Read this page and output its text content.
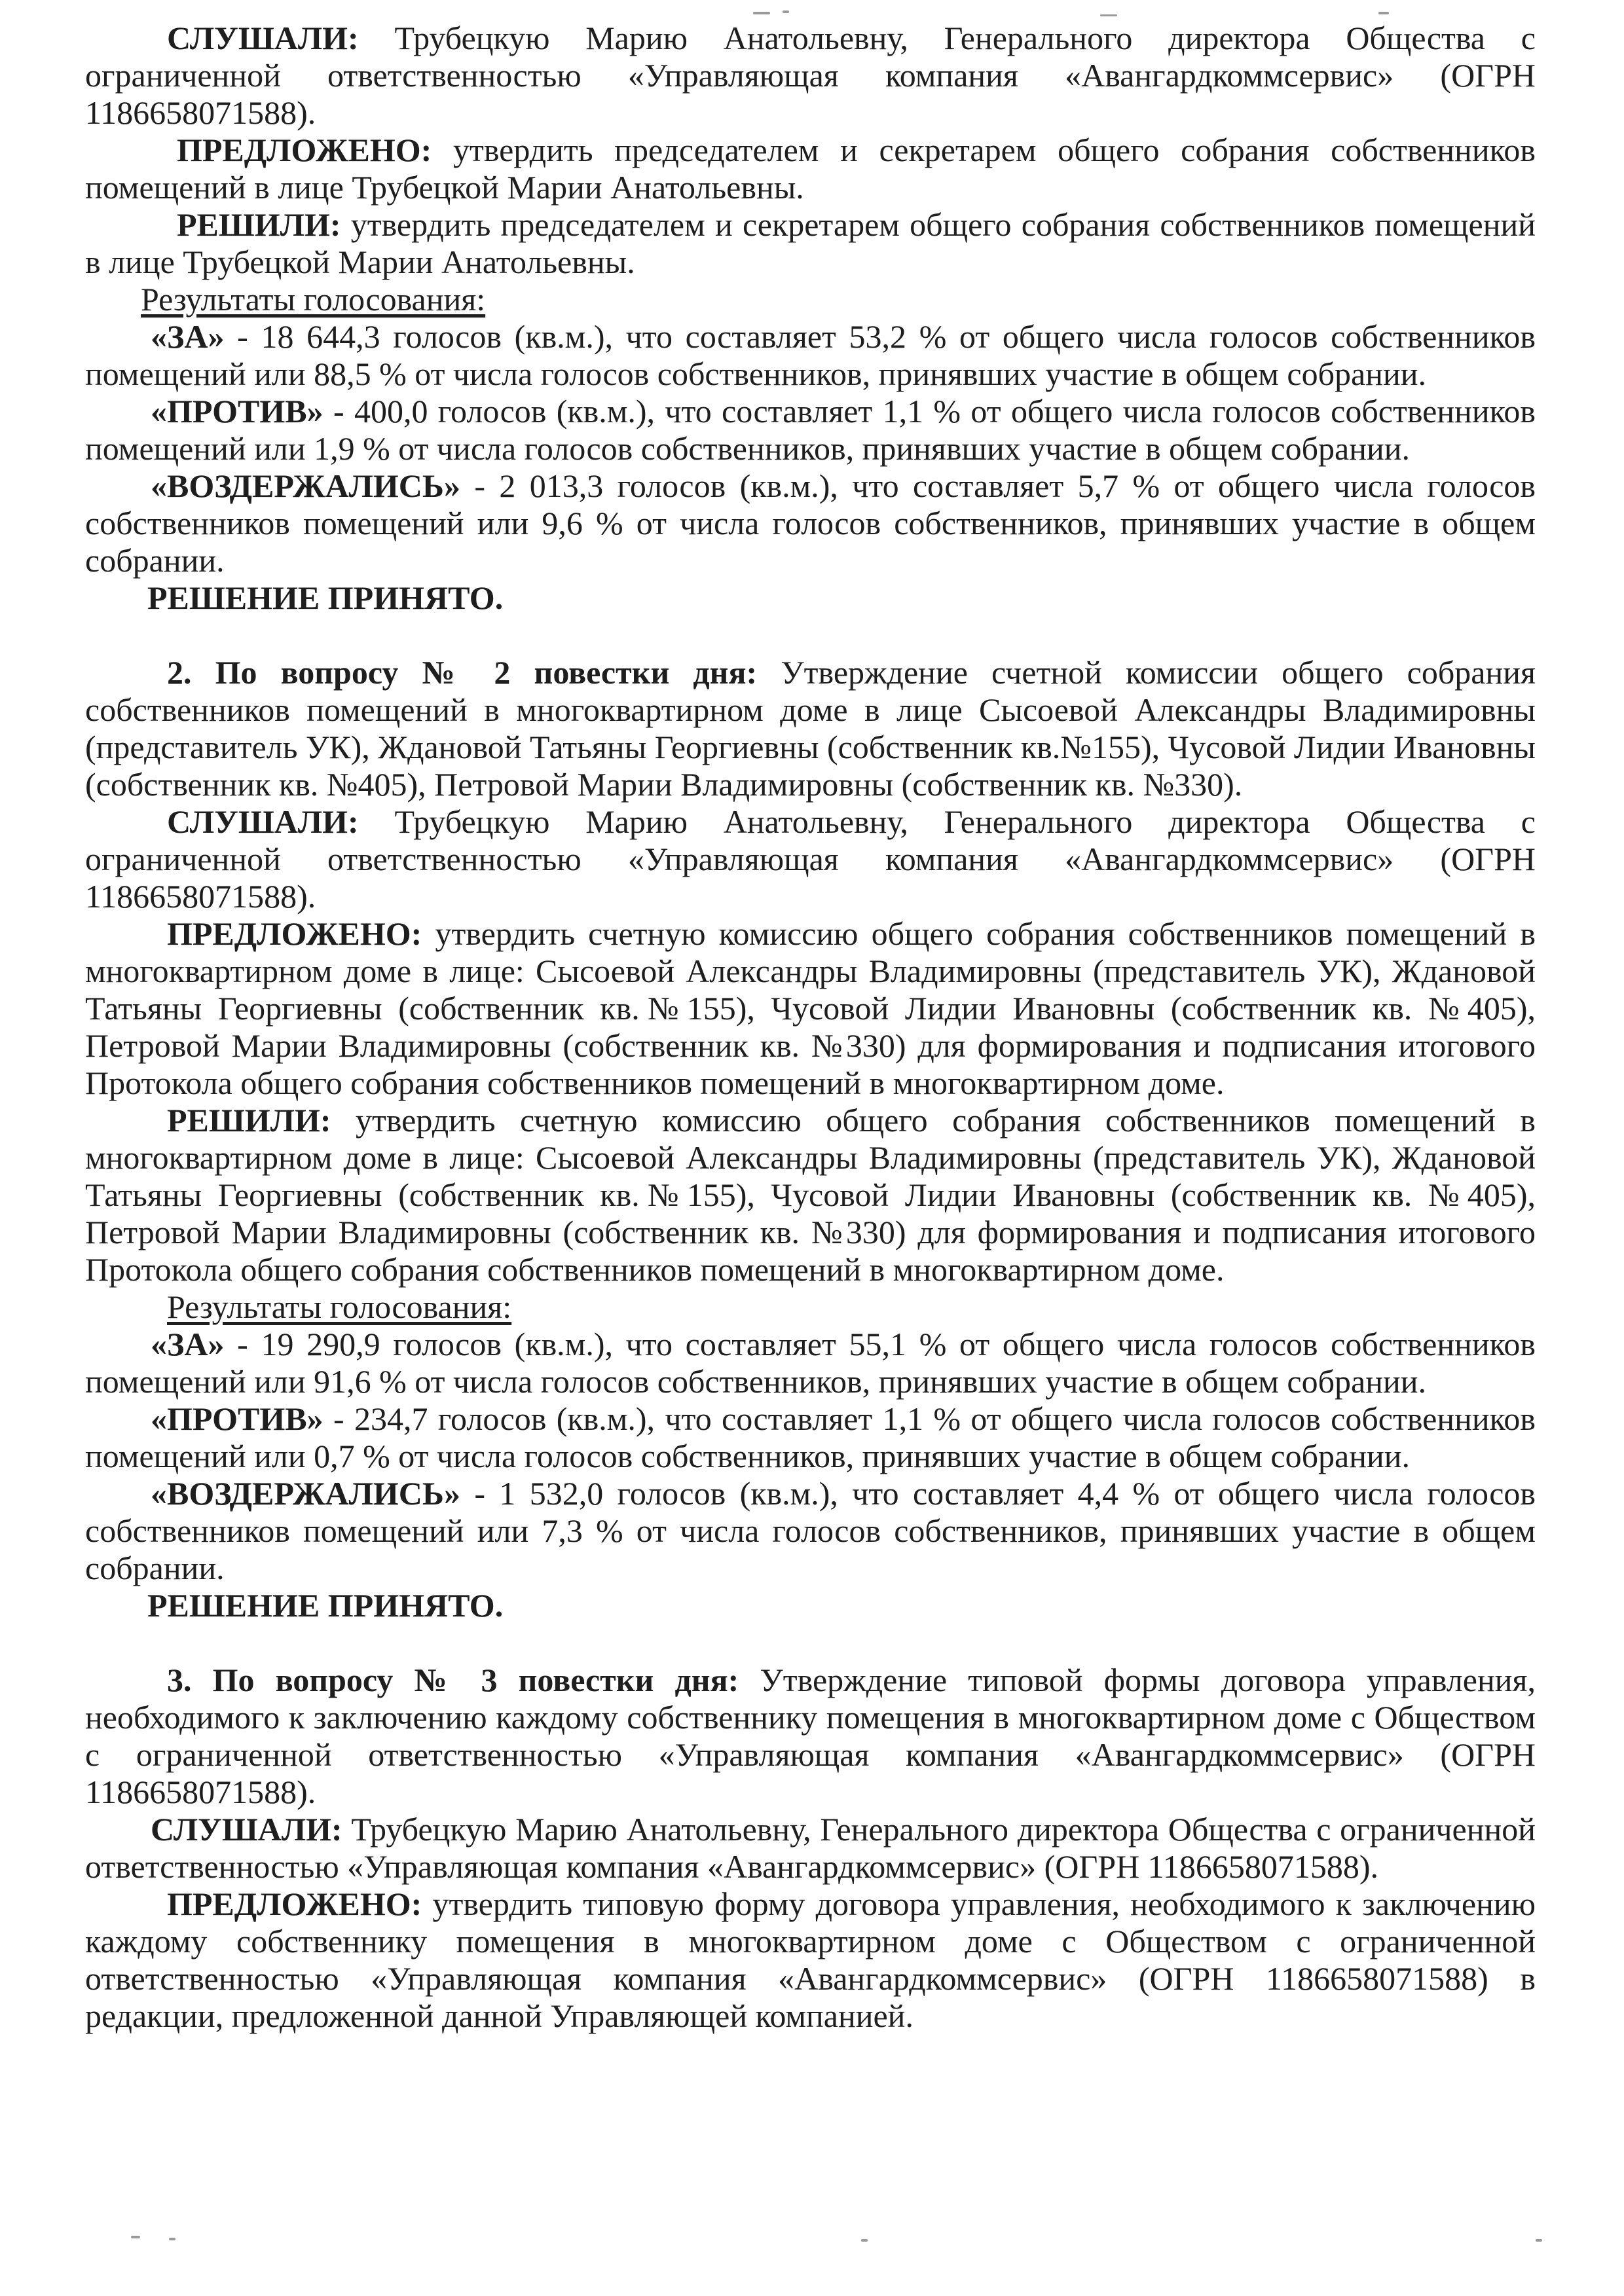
СЛУШАЛИ: Трубецкую Марию Анатольевну, Генерального директора Общества с ограниченной ответственностью «Управляющая компания «Авангардкоммсервис» (ОГРН 1186658071588).

ПРЕДЛОЖЕНО: утвердить председателем и секретарем общего собрания собственников помещений в лице Трубецкой Марии Анатольевны.

РЕШИЛИ: утвердить председателем и секретарем общего собрания собственников помещений в лице Трубецкой Марии Анатольевны.

Результаты голосования:

«ЗА» - 18 644,3 голосов (кв.м.), что составляет 53,2 % от общего числа голосов собственников помещений или 88,5 % от числа голосов собственников, принявших участие в общем собрании.

«ПРОТИВ» - 400,0 голосов (кв.м.), что составляет 1,1 % от общего числа голосов собственников помещений или 1,9 % от числа голосов собственников, принявших участие в общем собрании.

«ВОЗДЕРЖАЛИСЬ» - 2 013,3 голосов (кв.м.), что составляет 5,7 % от общего числа голосов собственников помещений или 9,6 % от числа голосов собственников, принявших участие в общем собрании.

РЕШЕНИЕ ПРИНЯТО.

2. По вопросу № 2 повестки дня: Утверждение счетной комиссии общего собрания собственников помещений в многоквартирном доме в лице Сысоевой Александры Владимировны (представитель УК), Ждановой Татьяны Георгиевны (собственник кв.№155), Чусовой Лидии Ивановны (собственник кв. №405), Петровой Марии Владимировны (собственник кв. №330).

СЛУШАЛИ: Трубецкую Марию Анатольевну, Генерального директора Общества с ограниченной ответственностью «Управляющая компания «Авангардкоммсервис» (ОГРН 1186658071588).

ПРЕДЛОЖЕНО: утвердить счетную комиссию общего собрания собственников помещений в многоквартирном доме в лице: Сысоевой Александры Владимировны (представитель УК), Ждановой Татьяны Георгиевны (собственник кв.№155), Чусовой Лидии Ивановны (собственник кв. №405), Петровой Марии Владимировны (собственник кв. №330) для формирования и подписания итогового Протокола общего собрания собственников помещений в многоквартирном доме.

РЕШИЛИ: утвердить счетную комиссию общего собрания собственников помещений в многоквартирном доме в лице: Сысоевой Александры Владимировны (представитель УК), Ждановой Татьяны Георгиевны (собственник кв.№155), Чусовой Лидии Ивановны (собственник кв. №405), Петровой Марии Владимировны (собственник кв. №330) для формирования и подписания итогового Протокола общего собрания собственников помещений в многоквартирном доме.

Результаты голосования:

«ЗА» - 19 290,9 голосов (кв.м.), что составляет 55,1 % от общего числа голосов собственников помещений или 91,6 % от числа голосов собственников, принявших участие в общем собрании.

«ПРОТИВ» - 234,7 голосов (кв.м.), что составляет 1,1 % от общего числа голосов собственников помещений или 0,7 % от числа голосов собственников, принявших участие в общем собрании.

«ВОЗДЕРЖАЛИСЬ» - 1 532,0 голосов (кв.м.), что составляет 4,4 % от общего числа голосов собственников помещений или 7,3 % от числа голосов собственников, принявших участие в общем собрании.

РЕШЕНИЕ ПРИНЯТО.

3. По вопросу № 3 повестки дня: Утверждение типовой формы договора управления, необходимого к заключению каждому собственнику помещения в многоквартирном доме с Обществом с ограниченной ответственностью «Управляющая компания «Авангардкоммсервис» (ОГРН 1186658071588).

СЛУШАЛИ: Трубецкую Марию Анатольевну, Генерального директора Общества с ограниченной ответственностью «Управляющая компания «Авангардкоммсервис» (ОГРН 1186658071588).

ПРЕДЛОЖЕНО: утвердить типовую форму договора управления, необходимого к заключению каждому собственнику помещения в многоквартирном доме с Обществом с ограниченной ответственностью «Управляющая компания «Авангардкоммсервис» (ОГРН 1186658071588) в редакции, предложенной данной Управляющей компанией.
